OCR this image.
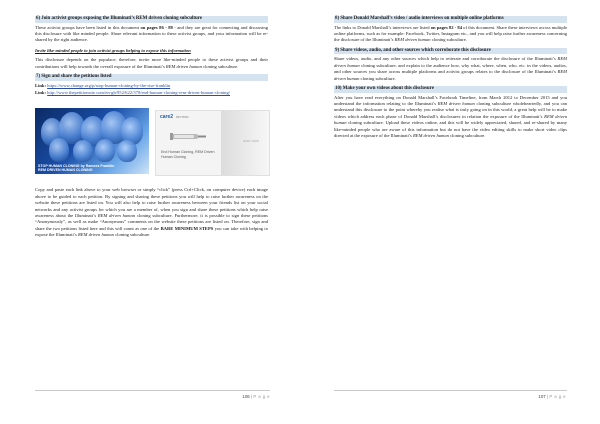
6) Join activist groups exposing the Illuminati’s REM driven cloning subculture

These activist groups have been listed in this document on pages 86 - 88 - and they are great for connecting and discussing this disclosure with like minded people. Share relevant information to these activist groups, and your information will be re-shared by the right audience.

Invite like-minded people to join activist groups helping to expose this information

This disclosure depends on the populace; therefore, invite more like-minded people to these activist groups and their contributions will help towards the overall exposure of the Illuminati’s REM driven human cloning subculture.

7) Sign and share the petitions listed
Link: https://www.change.org/p/stop-human-cloning-by-the-rise-franklin
Link: http://www.thepetitionsite.com/en-gb/952/622/378/end-human-cloning-rem-driven-human-cloning/
STOP HUMAN CLONING by Rameez Franklin
REM DRIVEN HUMAN CLONING
SIGN NOW
care2 PETITIONS
End Human Cloning, REM Driven
Human Cloning

Copy and paste each link above to your web browser or simply “click” (press Ctrl+Click, on computer device) each image above to be guided to each petition. By signing and sharing these petitions you will help to raise further awareness on the website these petitions are listed on. You will also help to raise further awareness between your friends list on your social networks and any activist groups for which you are a member of, when you sign and share these petitions which help raise awareness about the Illuminati’s REM driven human cloning subculture. Furthermore, it is possible to sign these petitions “Anonymously”, as well as make “Anonymous” comments on the website these petitions are listed on. Therefore, sign and share the two petitions listed here and this will count as one of the BARE MINIMUM STEPS you can take with helping to expose the Illuminati’s REM driven human cloning subculture.

106 | P a g e
8) Share Donald Marshall’s video / audio interviews on multiple online platforms

The links to Donald Marshall’s interviews are listed on pages 82 - 84 of this document. Share these interviews across multiple online platforms, such as for example: Facebook, Twitter, Instagram etc., and you will help raise further awareness concerning the disclosure of the Illuminati’s REM driven human cloning subculture.

9) Share videos, audio, and other sources which corroborate this disclosure

Share videos, audio, and any other sources which help to reiterate and corroborate the disclosure of the Illuminati’s REM driven human cloning subculture, and explain to the audience how, why what, where, when, who, etc. in the videos, audios, and other sources you share across multiple platforms and activist groups relates to the disclosure of the Illuminati’s REM driven human cloning subculture.

10) Make your own videos about this disclosure

After you have read everything on Donald Marshall’s Facebook Timeline, from March 2012 to December 2015 and you understand the information relating to the Illuminati’s REM driven human cloning subculture wholeheartedly, and you can understand this disclosure to the point whereby you realise what is truly going on in this world, a great help will be to make videos which address each phase of Donald Marshall’s disclosures in relation the exposure of the Illuminati’s REM driven human cloning subculture. Upload these videos online, and this will be widely appreciated, shared, and re-shared by many like-minded people who are aware of this information but do not have the video editing skills to make short video clips directed at the exposure of the Illuminati’s REM driven human cloning subculture.

107 | P a g e
